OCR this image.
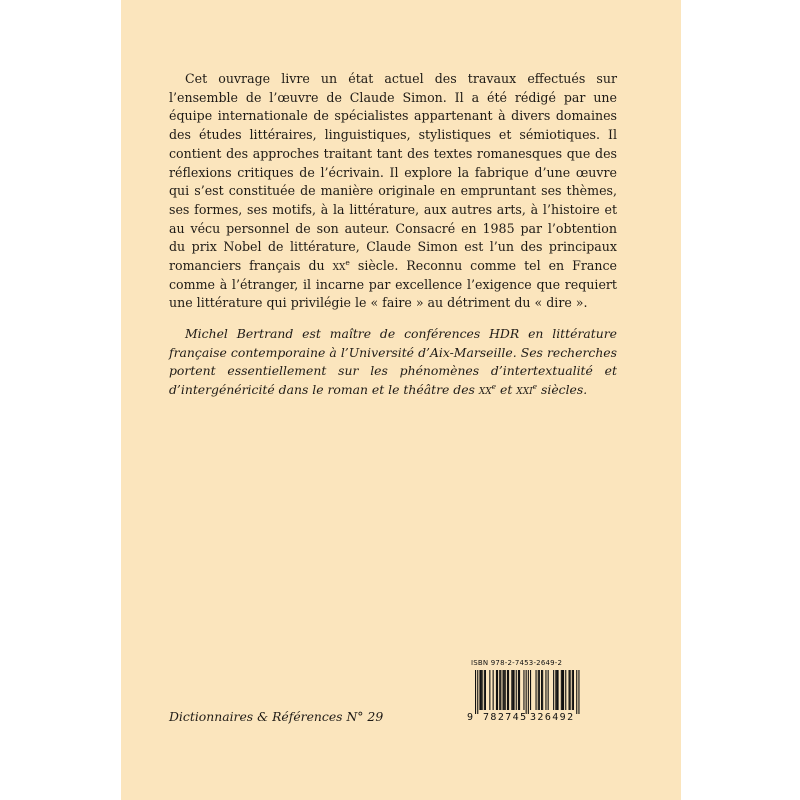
Cet ouvrage livre un état actuel des travaux effectués sur l’ensemble de l’œuvre de Claude Simon. Il a été rédigé par une équipe internationale de spécialistes appartenant à divers domaines des études littéraires, linguistiques, stylistiques et sémiotiques. Il contient des approches traitant tant des textes romanesques que des réflexions critiques de l’écrivain. Il explore la fabrique d’une œuvre qui s’est constituée de manière originale en empruntant ses thèmes, ses formes, ses motifs, à la littérature, aux autres arts, à l’histoire et au vécu personnel de son auteur. Consacré en 1985 par l’obtention du prix Nobel de littérature, Claude Simon est l’un des principaux romanciers français du $xx^e$ siècle. Reconnu comme tel en France comme à l’étranger, il incarne par excellence l’exigence que requiert une littérature qui privilégie le « faire » au détriment du « dire ».

Michel Bertrand est maître de conférences HDR en littérature française contemporaine à l’Université d’Aix-Marseille. Ses recherches portent essentiellement sur les phénomènes d’intertextualité et d’intergénéricité dans le roman et le théâtre des $xx^e$ et xxi$^e$ siècles.

Dictionnaires & Références N° 29
ISBN 978-2-7453-2649-2
9 782745 326492
